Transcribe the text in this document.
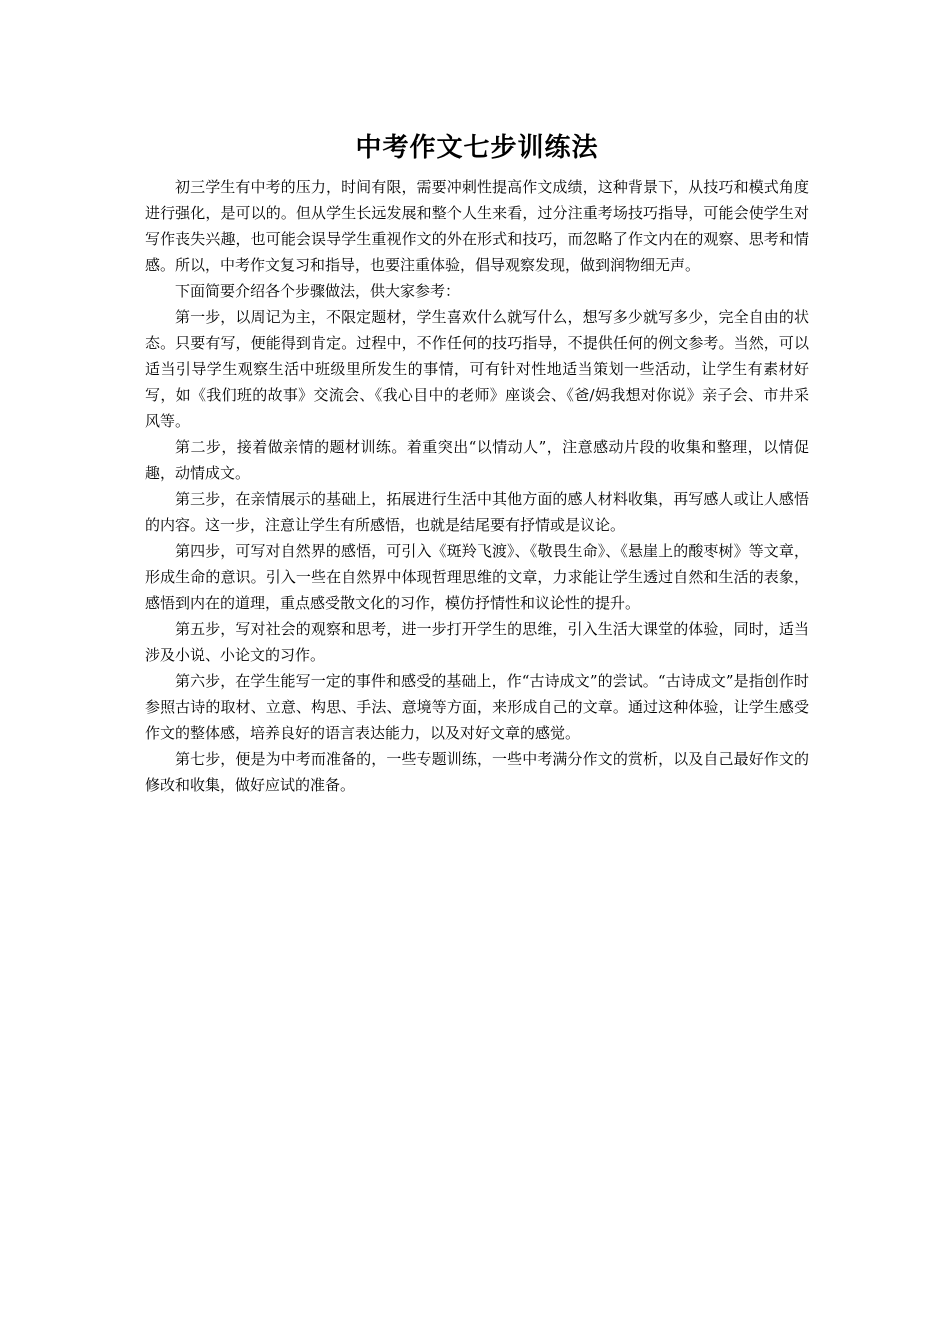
中考作文七步训练法

初三学生有中考的压力，时间有限，需要冲刺性提高作文成绩，这种背景下，从技巧和模式角度进行强化，是可以的。但从学生长远发展和整个人生来看，过分注重考场技巧指导，可能会使学生对写作丧失兴趣，也可能会误导学生重视作文的外在形式和技巧，而忽略了作文内在的观察、思考和情感。所以，中考作文复习和指导，也要注重体验，倡导观察发现，做到润物细无声。

下面简要介绍各个步骤做法，供大家参考：

第一步，以周记为主，不限定题材，学生喜欢什么就写什么，想写多少就写多少，完全自由的状态。只要有写，便能得到肯定。过程中，不作任何的技巧指导，不提供任何的例文参考。当然，可以适当引导学生观察生活中班级里所发生的事情，可有针对性地适当策划一些活动，让学生有素材好写，如《我们班的故事》交流会、《我心目中的老师》座谈会、《爸/妈我想对你说》亲子会、市井采风等。

第二步，接着做亲情的题材训练。着重突出“以情动人”，注意感动片段的收集和整理，以情促趣，动情成文。

第三步，在亲情展示的基础上，拓展进行生活中其他方面的感人材料收集，再写感人或让人感悟的内容。这一步，注意让学生有所感悟，也就是结尾要有抒情或是议论。

第四步，可写对自然界的感悟，可引入《斑羚飞渡》、《敬畏生命》、《悬崖上的酸枣树》等文章，形成生命的意识。引入一些在自然界中体现哲理思维的文章，力求能让学生透过自然和生活的表象，感悟到内在的道理，重点感受散文化的习作，模仿抒情性和议论性的提升。

第五步，写对社会的观察和思考，进一步打开学生的思维，引入生活大课堂的体验，同时，适当涉及小说、小论文的习作。

第六步，在学生能写一定的事件和感受的基础上，作“古诗成文”的尝试。“古诗成文”是指创作时参照古诗的取材、立意、构思、手法、意境等方面，来形成自己的文章。通过这种体验，让学生感受作文的整体感，培养良好的语言表达能力，以及对好文章的感觉。

第七步，便是为中考而准备的，一些专题训练，一些中考满分作文的赏析，以及自己最好作文的修改和收集，做好应试的准备。
